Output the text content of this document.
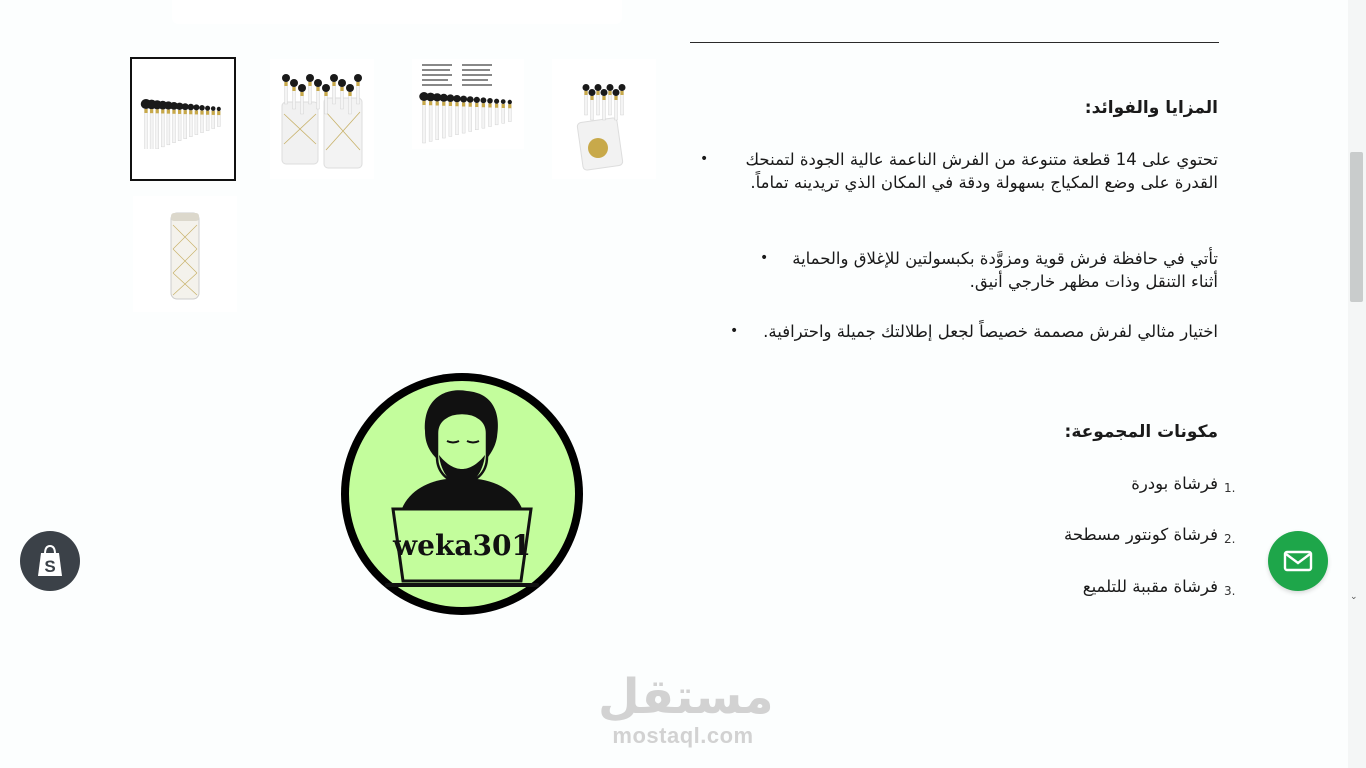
weka301
المزايا والفوائد:
تحتوي على 14 قطعة متنوعة من الفرش الناعمة عالية الجودة لتمنحك القدرة على وضع المكياج بسهولة ودقة في المكان الذي تريدينه تماماً. •
تأتي في حافظة فرش قوية ومزوَّدة بكبسولتين للإغلاق والحماية أثناء التنقل وذات مظهر خارجي أنيق. •
اختيار مثالي لفرش مصممة خصيصاً لجعل إطلالتك جميلة واحترافية. •
مكونات المجموعة:
فرشاة بودرة 1.
فرشاة كونتور مسطحة 2.
فرشاة مقببة للتلميع 3.
S
⌄
مستقل
mostaql.com
